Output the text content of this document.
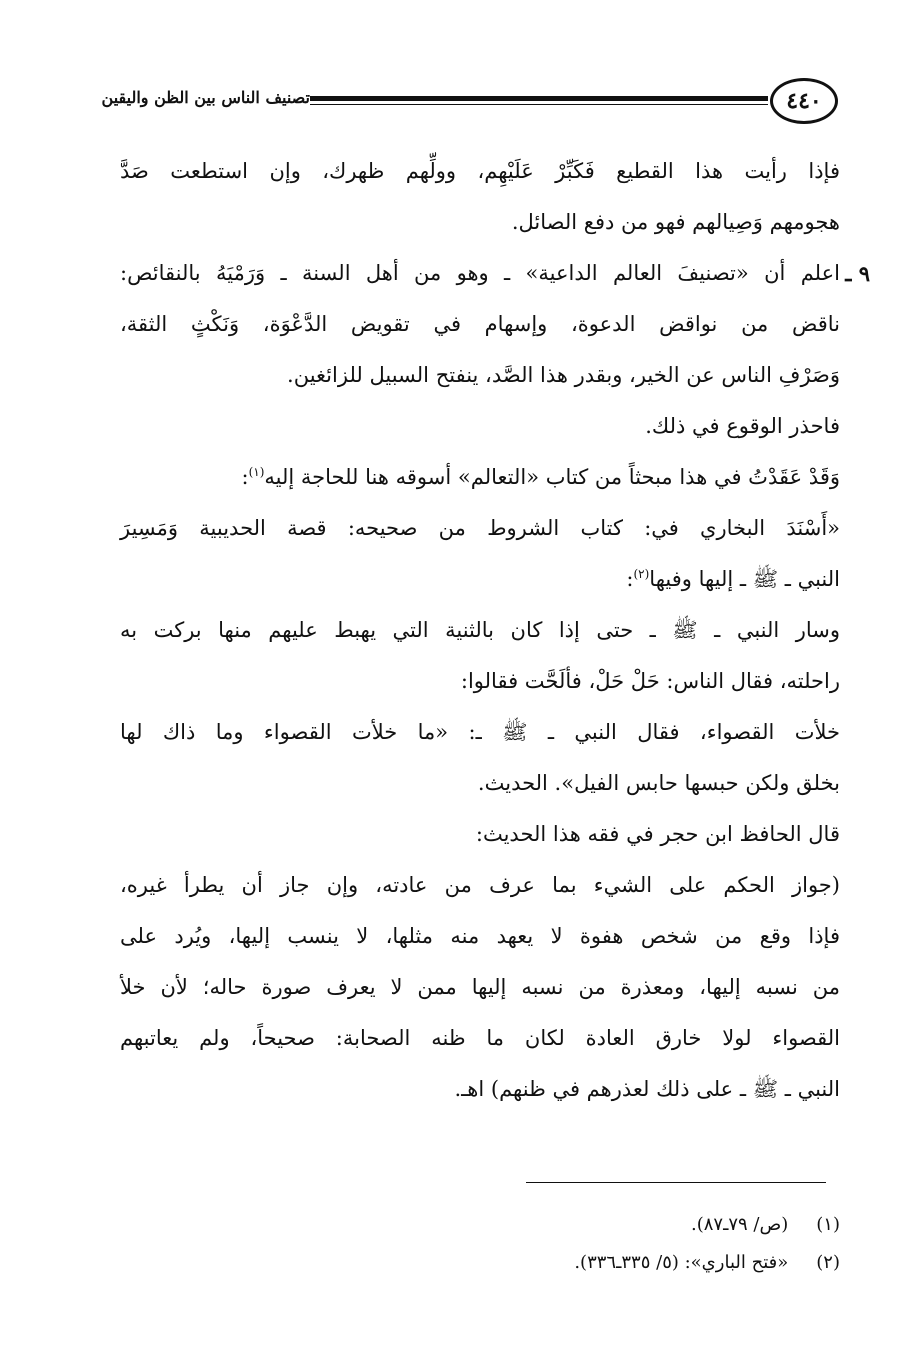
٤٤٠
تصنيف الناس بين الظن واليقين
فإذا رأيت هذا القطيع فَكَبِّرْ عَلَيْهِم، وولِّهم ظهرك، وإن استطعت صَدَّ
هجومهم وَصِيالهم فهو من دفع الصائل.
٩ ـ
اعلم أن «تصنيفَ العالم الداعية» ـ وهو من أهل السنة ـ وَرَمْيَهُ بالنقائص:
ناقض من نواقض الدعوة، وإسهام في تقويض الدَّعْوَة، وَنَكْثٍ الثقة،
وَصَرْفِ الناس عن الخير، وبقدر هذا الصَّد، ينفتح السبيل للزائغين.
فاحذر الوقوع في ذلك.
وَقَدْ عَقَدْتُ في هذا مبحثاً من كتاب «التعالم» أسوقه هنا للحاجة إليه$^{(١)}$:
«أَسْنَدَ البخاري في: كتاب الشروط من صحيحه: قصة الحديبية وَمَسِيرَ
النبي ـ ﷺ ـ إليها وفيها$^{(٢)}$:
وسار النبي ـ ﷺ ـ حتى إذا كان بالثنية التي يهبط عليهم منها بركت به
راحلته، فقال الناس: حَلْ حَلْ، فألَحَّت فقالوا:
خلأت القصواء، فقال النبي ـ ﷺ ـ: «ما خلأت القصواء وما ذاك لها
بخلق ولكن حبسها حابس الفيل». الحديث.
قال الحافظ ابن حجر في فقه هذا الحديث:
(جواز الحكم على الشيء بما عرف من عادته، وإن جاز أن يطرأ غيره،
فإذا وقع من شخص هفوة لا يعهد منه مثلها، لا ينسب إليها، ويُرد على
من نسبه إليها، ومعذرة من نسبه إليها ممن لا يعرف صورة حاله؛ لأن خلأ
القصواء لولا خارق العادة لكان ما ظنه الصحابة: صحيحاً، ولم يعاتبهم
النبي ـ ﷺ ـ على ذلك لعذرهم في ظنهم) اهـ.
(١) (ص/ ٧٩ـ٨٧).
(٢) «فتح الباري»: (٥/ ٣٣٥ـ٣٣٦).
